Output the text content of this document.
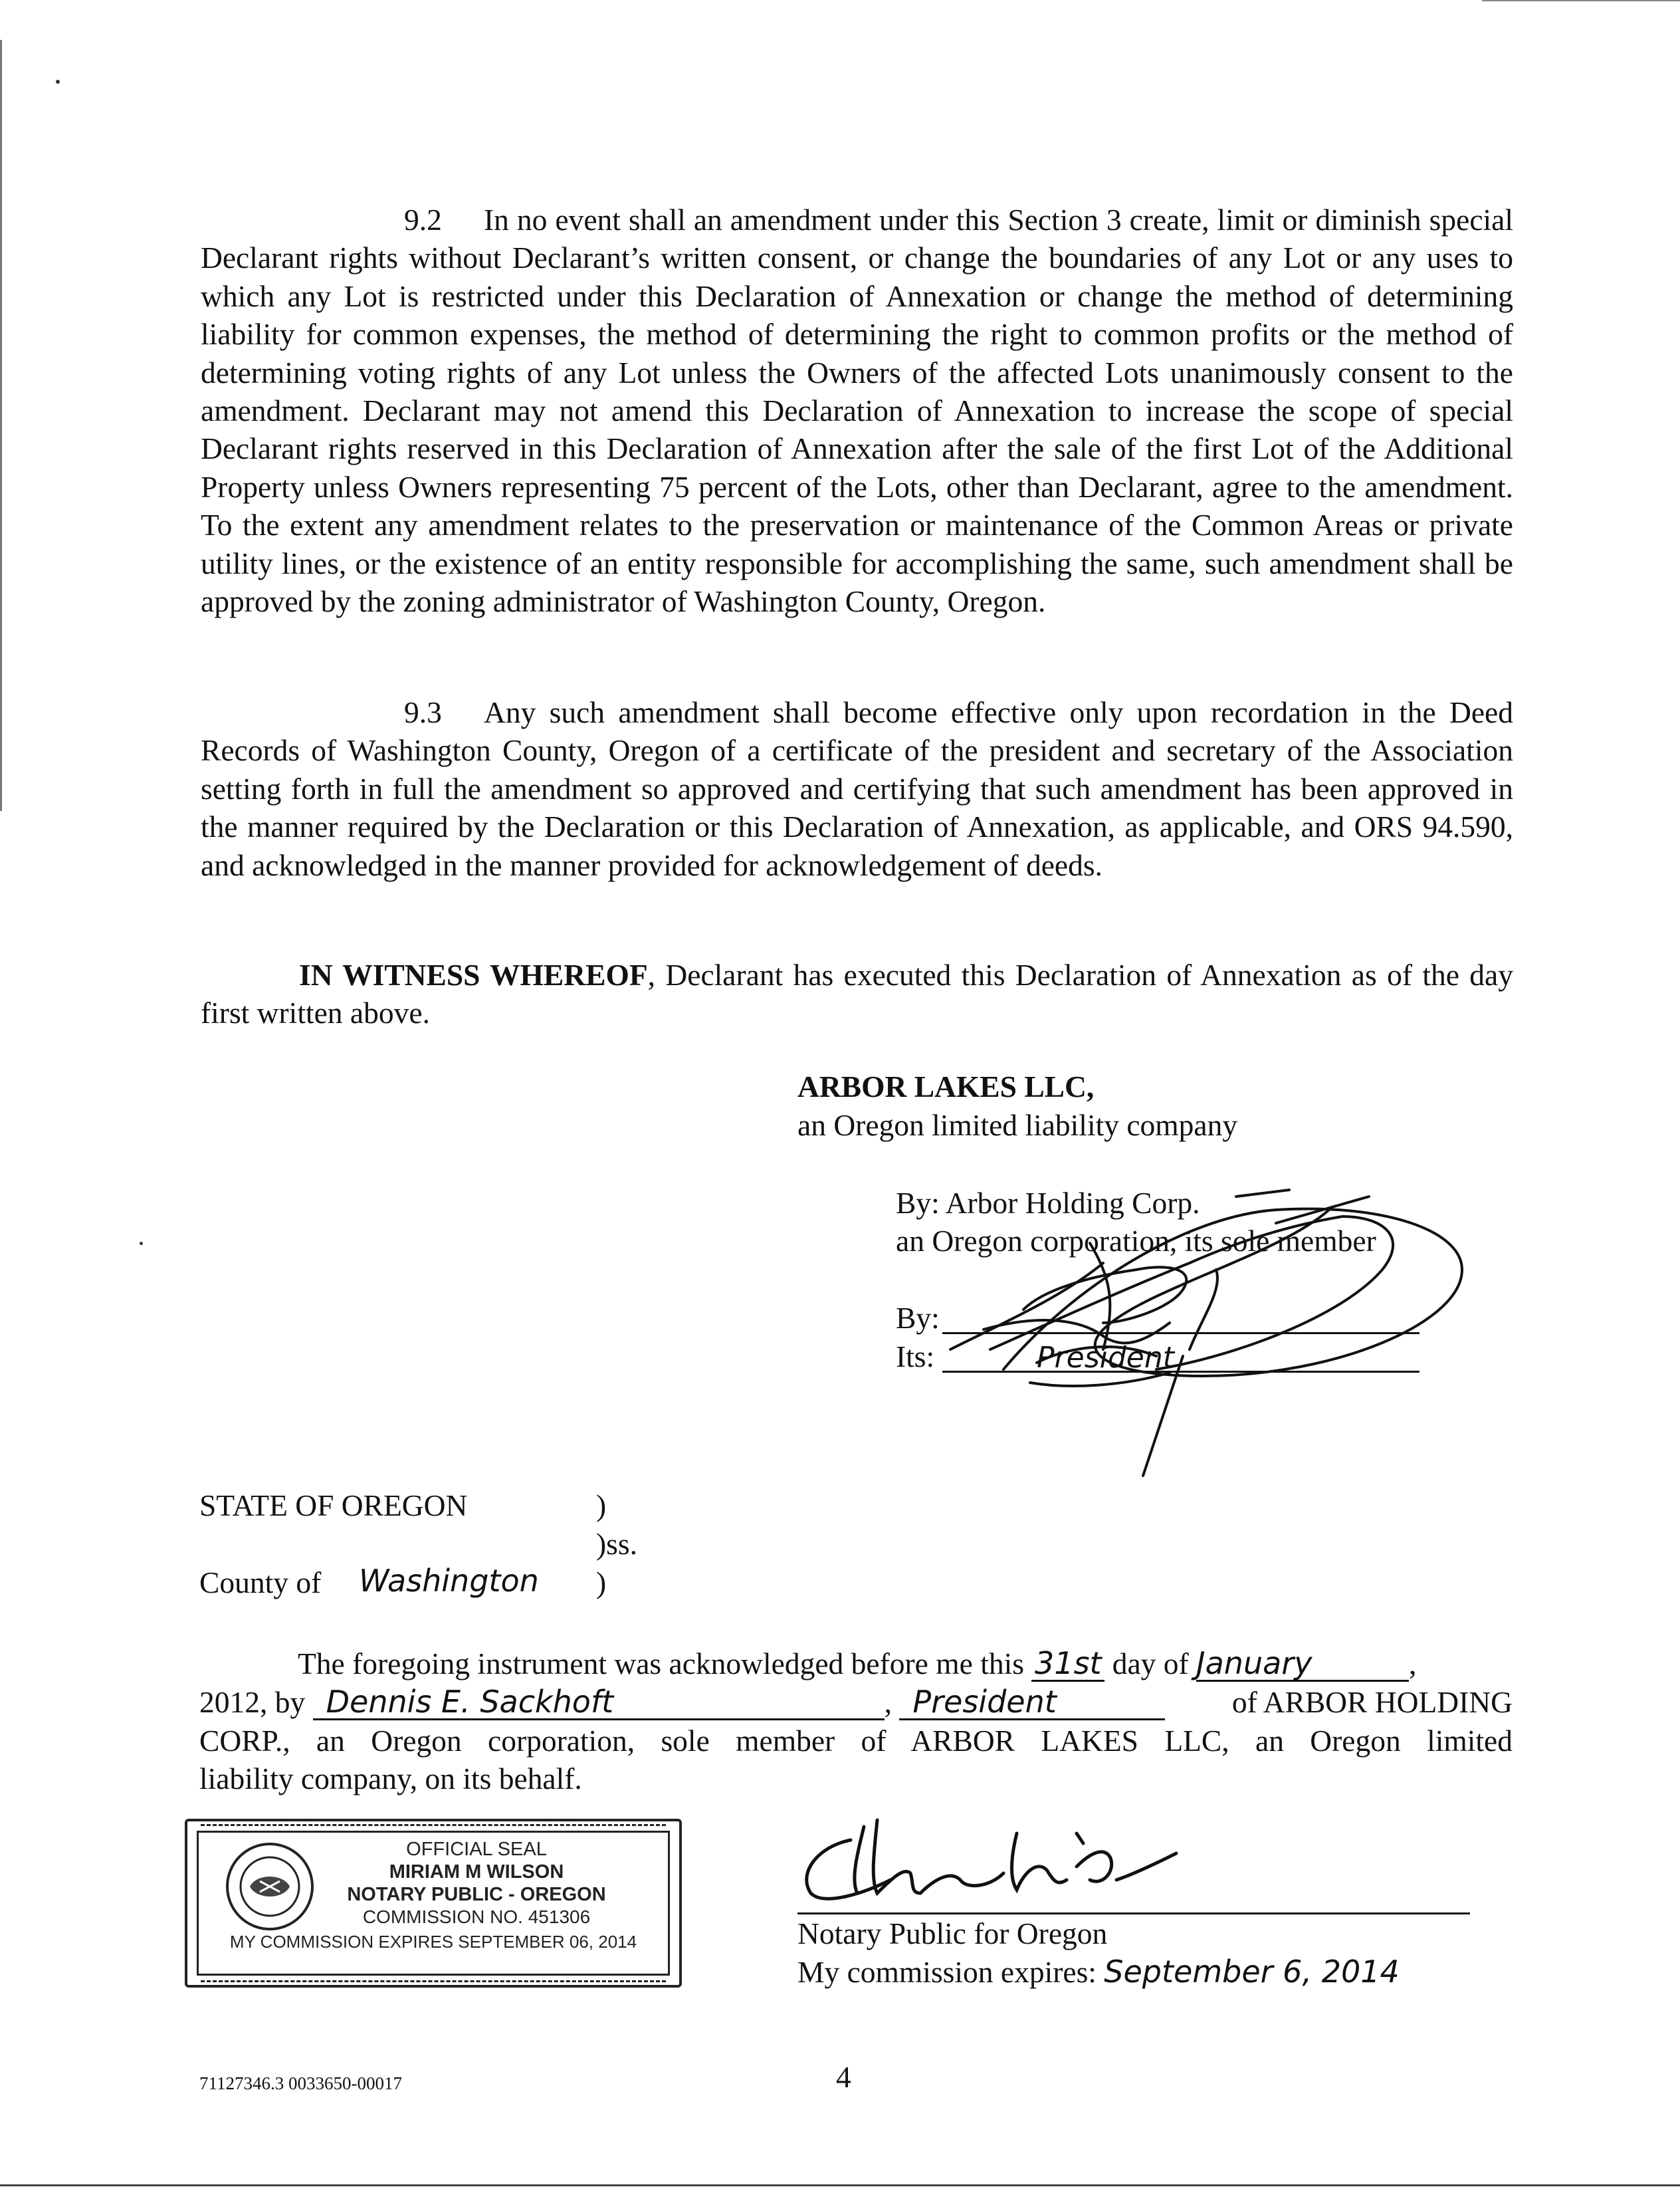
9.2 In no event shall an amendment under this Section 3 create, limit or diminish special Declarant rights without Declarant’s written consent, or change the boundaries of any Lot or any uses to which any Lot is restricted under this Declaration of Annexation or change the method of determining liability for common expenses, the method of determining the right to common profits or the method of determining voting rights of any Lot unless the Owners of the affected Lots unanimously consent to the amendment. Declarant may not amend this Declaration of Annexation to increase the scope of special Declarant rights reserved in this Declaration of Annexation after the sale of the first Lot of the Additional Property unless Owners representing 75 percent of the Lots, other than Declarant, agree to the amendment. To the extent any amendment relates to the preservation or maintenance of the Common Areas or private utility lines, or the existence of an entity responsible for accomplishing the same, such amendment shall be approved by the zoning administrator of Washington County, Oregon.

9.3 Any such amendment shall become effective only upon recordation in the Deed Records of Washington County, Oregon of a certificate of the president and secretary of the Association setting forth in full the amendment so approved and certifying that such amendment has been approved in the manner required by the Declaration or this Declaration of Annexation, as applicable, and ORS 94.590, and acknowledged in the manner provided for acknowledgement of deeds.

IN WITNESS WHEREOF, Declarant has executed this Declaration of Annexation as of the day first written above.

ARBOR LAKES LLC,
an Oregon limited liability company
By: Arbor Holding Corp.
an Oregon corporation, its sole member
By:
Its:	President
STATE OF OREGON	)
)ss.
County of Washington )
The foregoing instrument was acknowledged before me this 31st day of January	,
2012, by Dennis E. Sackhoft	, President	of ARBOR HOLDING
CORP., an Oregon corporation, sole member of ARBOR LAKES LLC, an Oregon limited
liability company, on its behalf.
OFFICIAL SEAL
MIRIAM M WILSON
NOTARY PUBLIC - OREGON
COMMISSION NO. 451306
MY COMMISSION EXPIRES SEPTEMBER 06, 2014	Notary Public for Oregon
My commission expires: September 6, 2014
71127346.3 0033650-00017	4
